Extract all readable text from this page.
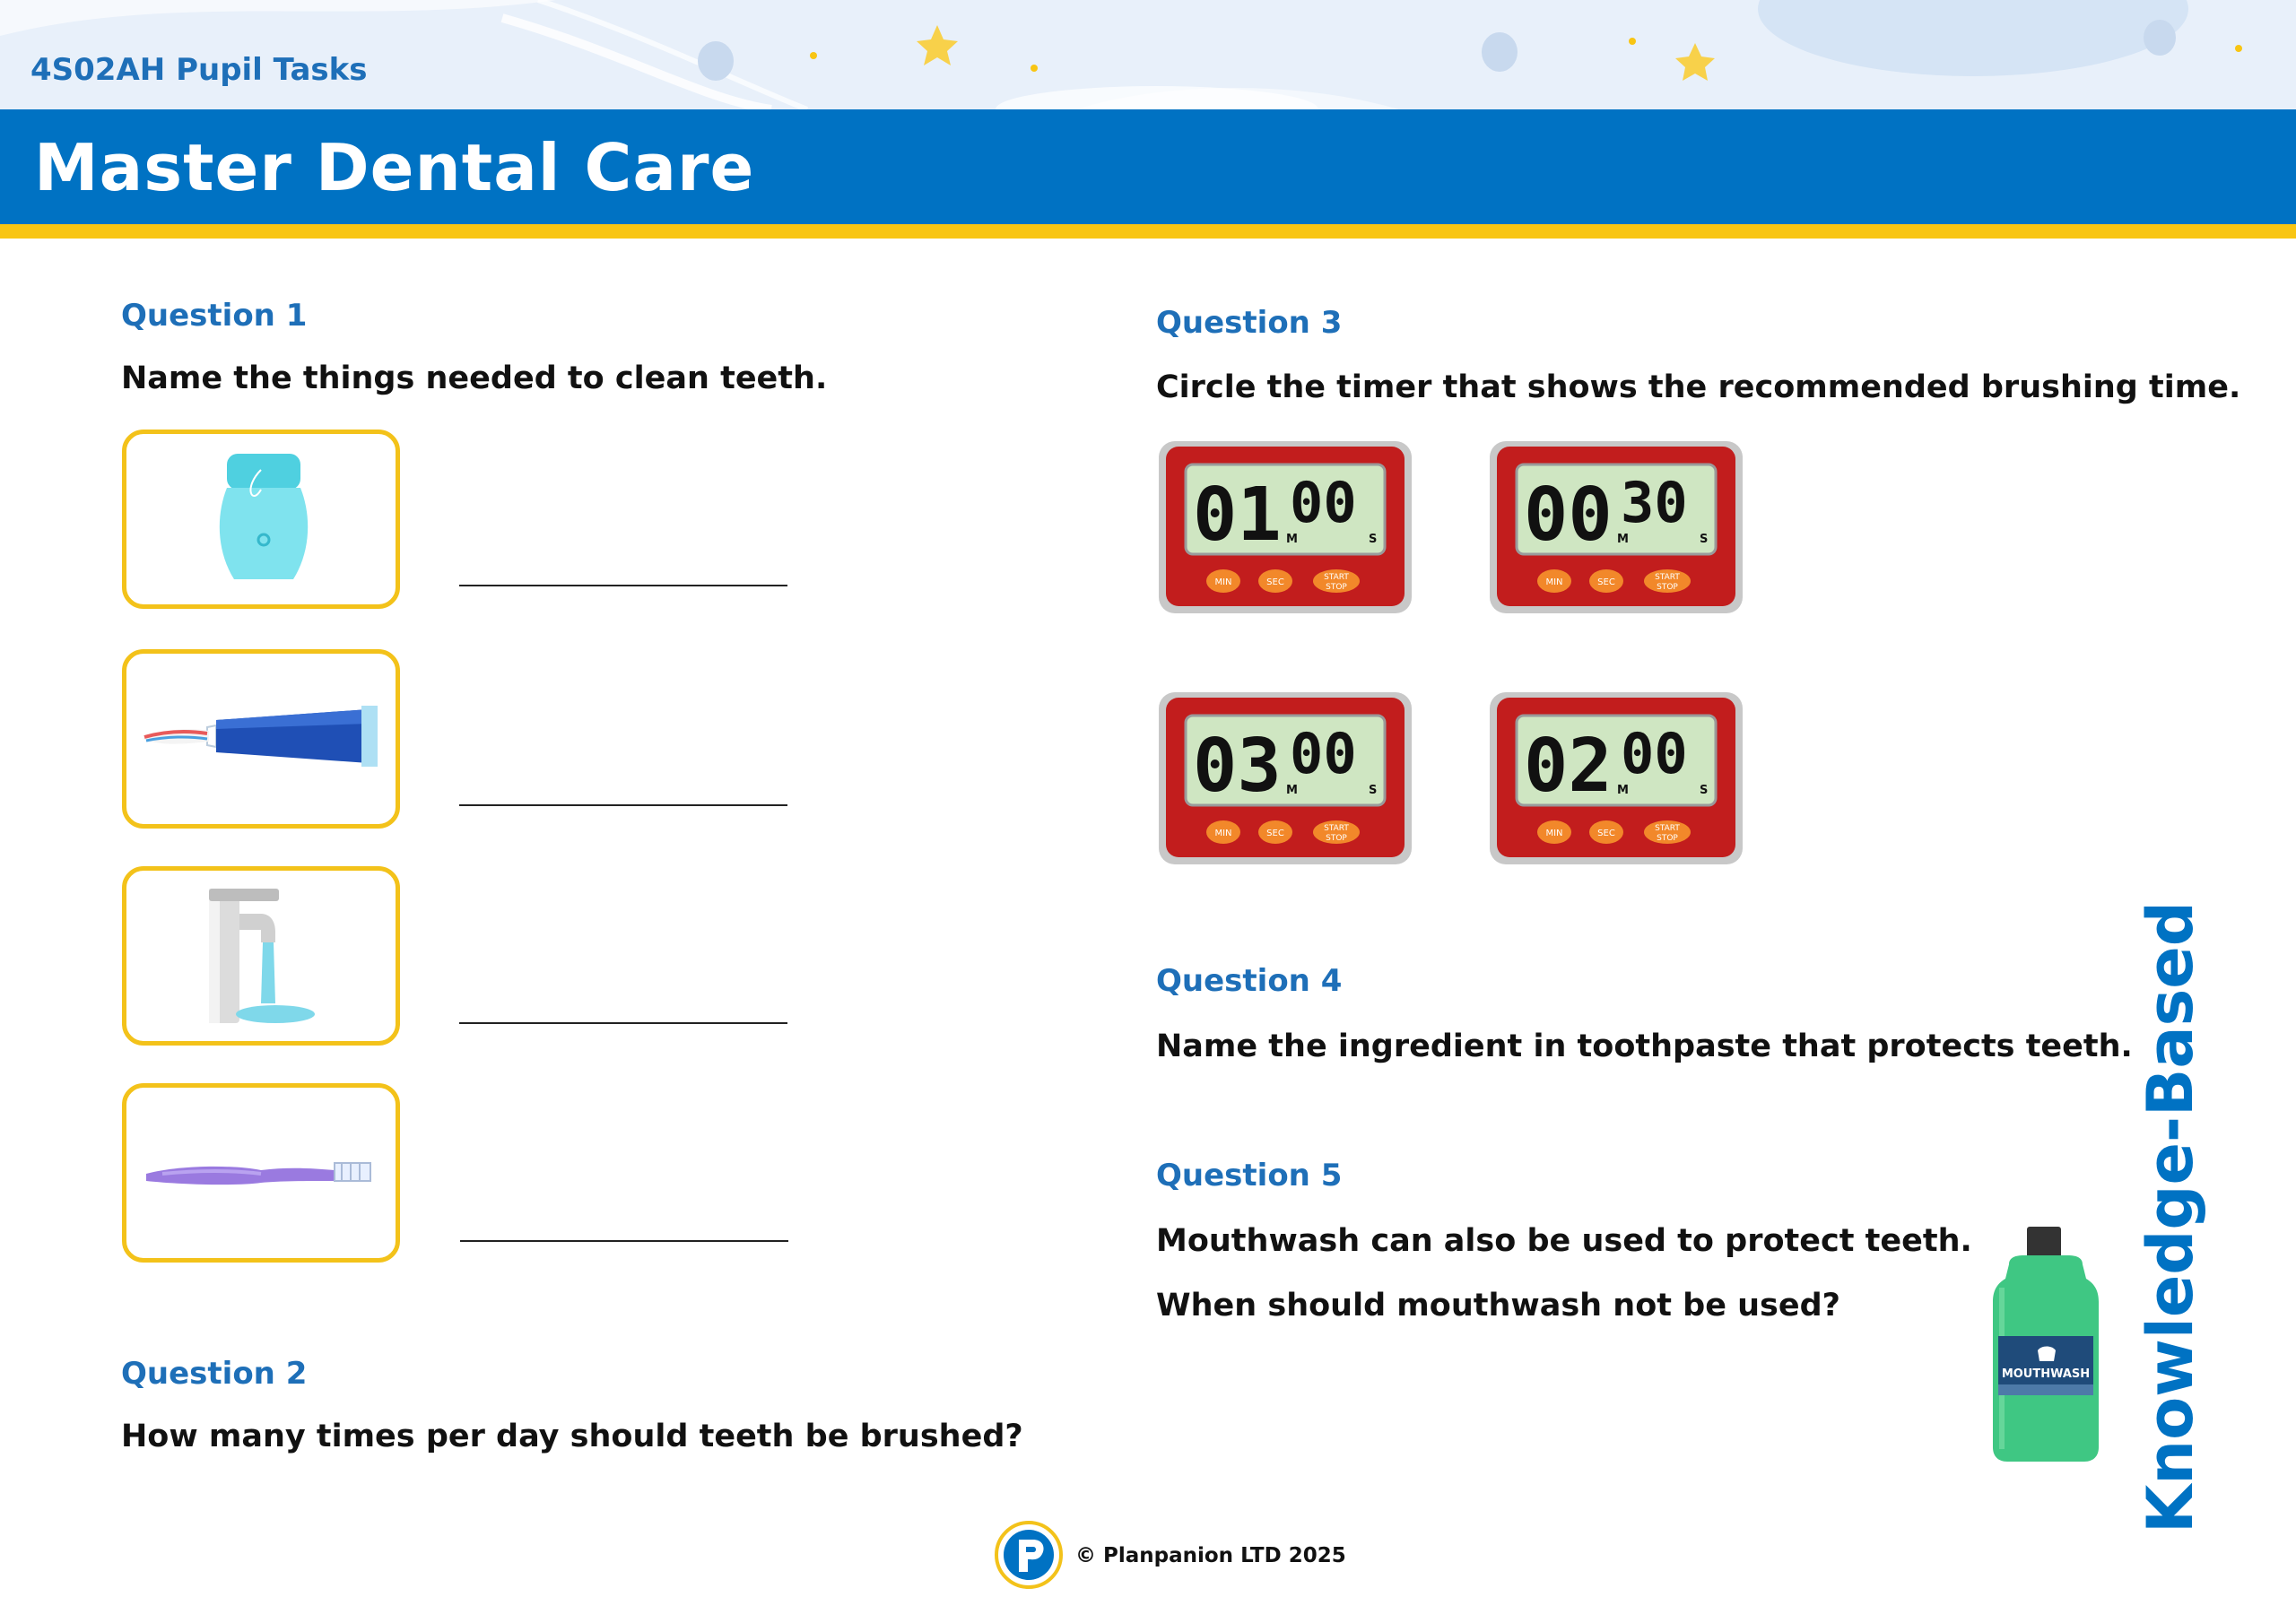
4S02AH Pupil Tasks
Master Dental Care
Question 1
Name the things needed to clean teeth.
Question 2
How many times per day should teeth be brushed?
Question 3
Circle the timer that shows the recommended brushing time.
01 00
M	S
MIN	SEC	START
STOP
00 30
M	S
MIN	SEC	START
STOP
03 00
M	S
MIN	SEC	START
STOP
02 00
M	S
MIN	SEC	START
STOP
Question 4
Name the ingredient in toothpaste that protects teeth.
Question 5
Mouthwash can also be used to protect teeth.
When should mouthwash not be used?
MOUTHWASH Knowledge-Based
© Planpanion LTD 2025
